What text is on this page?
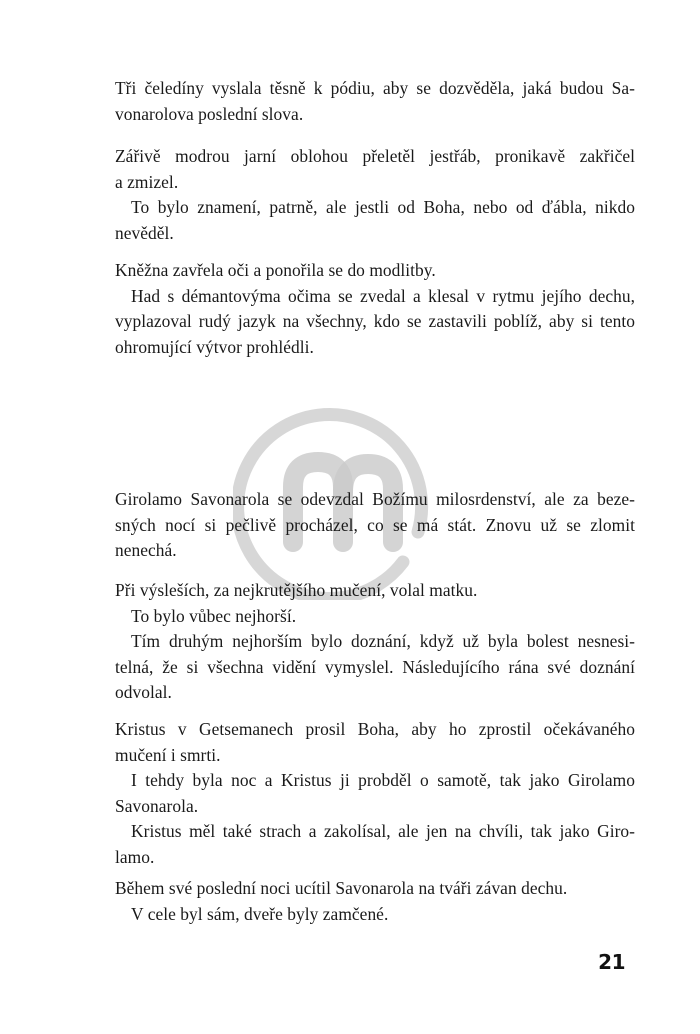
Tři čeledíny vyslala těsně k pódiu, aby se dozvěděla, jaká budou Sa-
vonarolova poslední slova.
Zářivě modrou jarní oblohou přeletěl jestřáb, pronikavě zakřičel
a zmizel.
To bylo znamení, patrně, ale jestli od Boha, nebo od ďábla, nikdo
nevěděl.
Kněžna zavřela oči a ponořila se do modlitby.
Had s démantovýma očima se zvedal a klesal v rytmu jejího dechu,
vyplazoval rudý jazyk na všechny, kdo se zastavili poblíž, aby si tento
ohromující výtvor prohlédli.
Girolamo Savonarola se odevzdal Božímu milosrdenství, ale za beze-
sných nocí si pečlivě procházel, co se má stát. Znovu už se zlomit
nenechá.
Při výsleších, za nejkrutějšího mučení, volal matku.
To bylo vůbec nejhorší.
Tím druhým nejhorším bylo doznání, když už byla bolest nesnesi-
telná, že si všechna vidění vymyslel. Následujícího rána své doznání
odvolal.
Kristus v Getsemanech prosil Boha, aby ho zprostil očekávaného
mučení i smrti.
I tehdy byla noc a Kristus ji probděl o samotě, tak jako Girolamo
Savonarola.
Kristus měl také strach a zakolísal, ale jen na chvíli, tak jako Giro-
lamo.
Během své poslední noci ucítil Savonarola na tváři závan dechu.
V cele byl sám, dveře byly zamčené.
21
